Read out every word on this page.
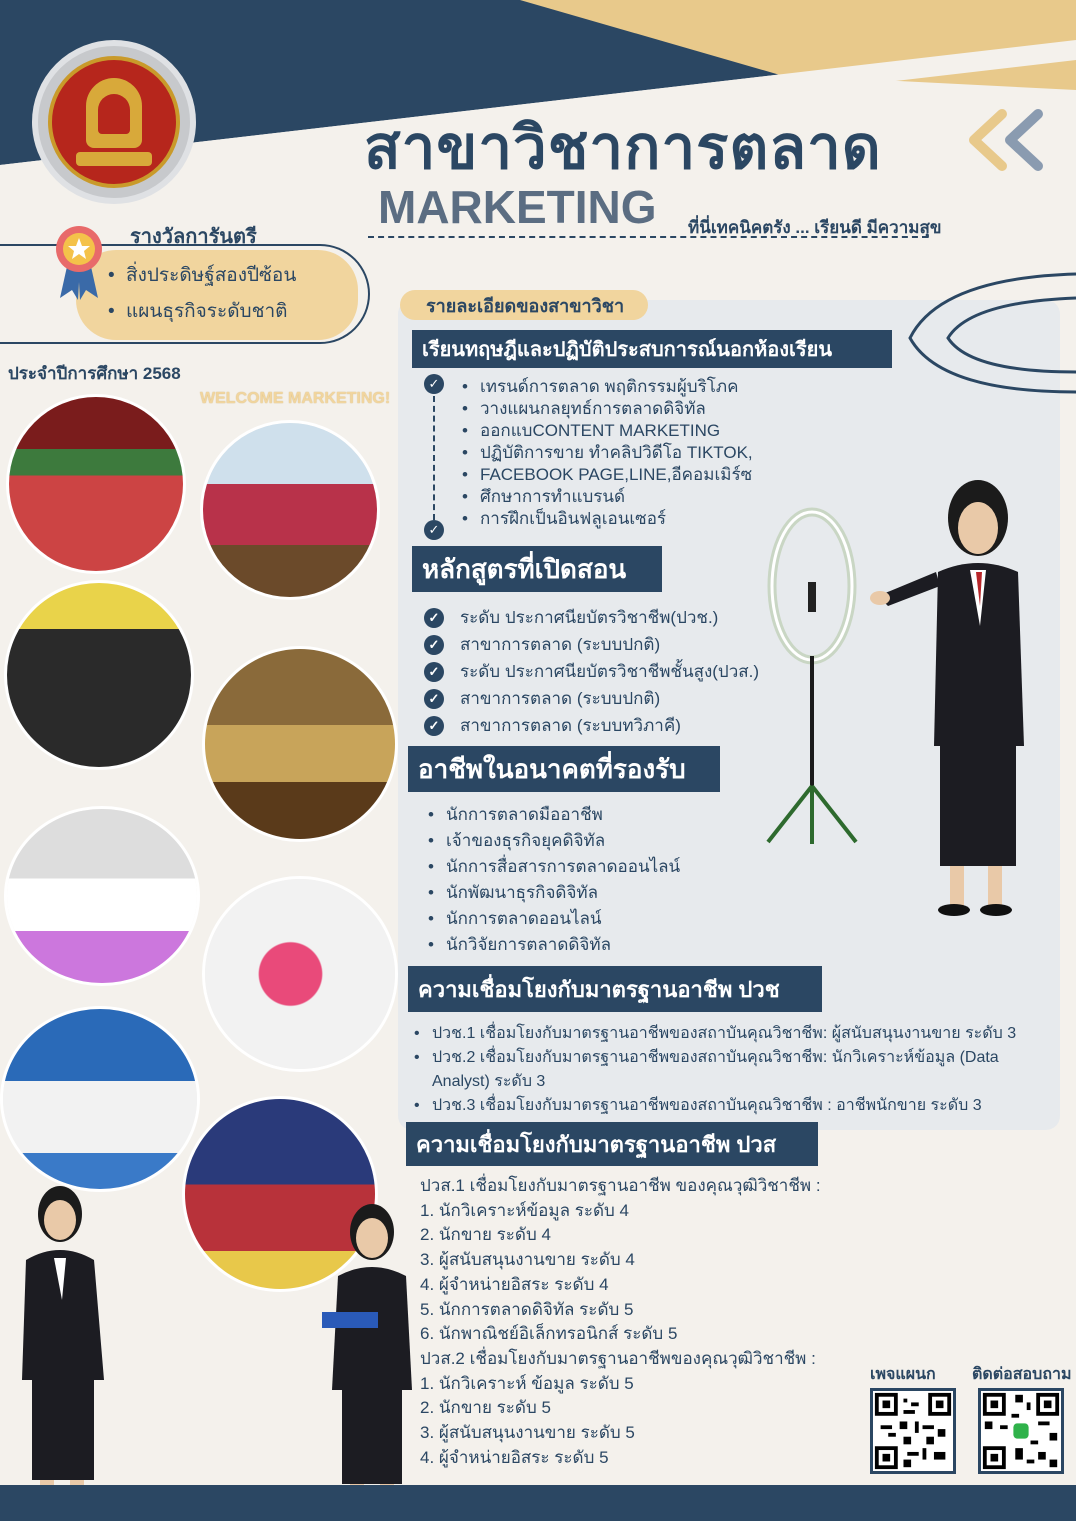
สาขาวิชาการตลาด
MARKETING ที่นี่เทคนิคตรัง ... เรียนดี มีความสุข
รางวัลการันตรี
• สิ่งประดิษฐ์สองปีซ้อน
• แผนธุรกิจระดับชาติ
ประจำปีการศึกษา 2568
WELCOME MARKETING!
รายละเอียดของสาขาวิชา
เรียนทฤษฎีและปฏิบัติประสบการณ์นอกห้องเรียน
✓
✓
• เทรนด์การตลาด พฤติกรรมผู้บริโภค
• วางแผนกลยุทธ์การตลาดดิจิทัล
• ออกแบCONTENT MARKETING
• ปฏิบัติการขาย ทำคลิปวิดีโอ TIKTOK,
• FACEBOOK PAGE,LINE,อีคอมเมิร์ซ
• ศึกษาการทำแบรนด์
• การฝึกเป็นอินฟลูเอนเซอร์
หลักสูตรที่เปิดสอน
✓ ระดับ ประกาศนียบัตรวิชาชีพ(ปวช.)
✓ สาขาการตลาด (ระบบปกติ)
✓ ระดับ ประกาศนียบัตรวิชาชีพชั้นสูง(ปวส.)
✓ สาขาการตลาด (ระบบปกติ)
✓ สาขาการตลาด (ระบบทวิภาคี)
อาชีพในอนาคตที่รองรับ
• นักการตลาดมืออาชีพ
• เจ้าของธุรกิจยุคดิจิทัล
• นักการสื่อสารการตลาดออนไลน์
• นักพัฒนาธุรกิจดิจิทัล
• นักการตลาดออนไลน์
• นักวิจัยการตลาดดิจิทัล
ความเชื่อมโยงกับมาตรฐานอาชีพ ปวช
• ปวช.1 เชื่อมโยงกับมาตรฐานอาชีพของสถาบันคุณวิชาชีพ: ผู้สนับสนุนงานขาย ระดับ 3
• ปวช.2 เชื่อมโยงกับมาตรฐานอาชีพของสถาบันคุณวิชาชีพ: นักวิเคราะห์ข้อมูล (Data Analyst) ระดับ 3
• ปวช.3 เชื่อมโยงกับมาตรฐานอาชีพของสถาบันคุณวิชาชีพ : อาชีพนักขาย ระดับ 3
ความเชื่อมโยงกับมาตรฐานอาชีพ ปวส
ปวส.1 เชื่อมโยงกับมาตรฐานอาชีพ ของคุณวุฒิวิชาชีพ :
1. นักวิเคราะห์ข้อมูล ระดับ 4
2. นักขาย ระดับ 4
3. ผู้สนับสนุนงานขาย ระดับ 4
4. ผู้จำหน่ายอิสระ ระดับ 4
5. นักการตลาดดิจิทัล ระดับ 5
6. นักพาณิชย์อิเล็กทรอนิกส์ ระดับ 5
ปวส.2 เชื่อมโยงกับมาตรฐานอาชีพของคุณวุฒิวิชาชีพ :
1. นักวิเคราะห์ ข้อมูล ระดับ 5
2. นักขาย ระดับ 5
3. ผู้สนับสนุนงานขาย ระดับ 5
4. ผู้จำหน่ายอิสระ ระดับ 5
เพจแผนก ติดต่อสอบถาม
